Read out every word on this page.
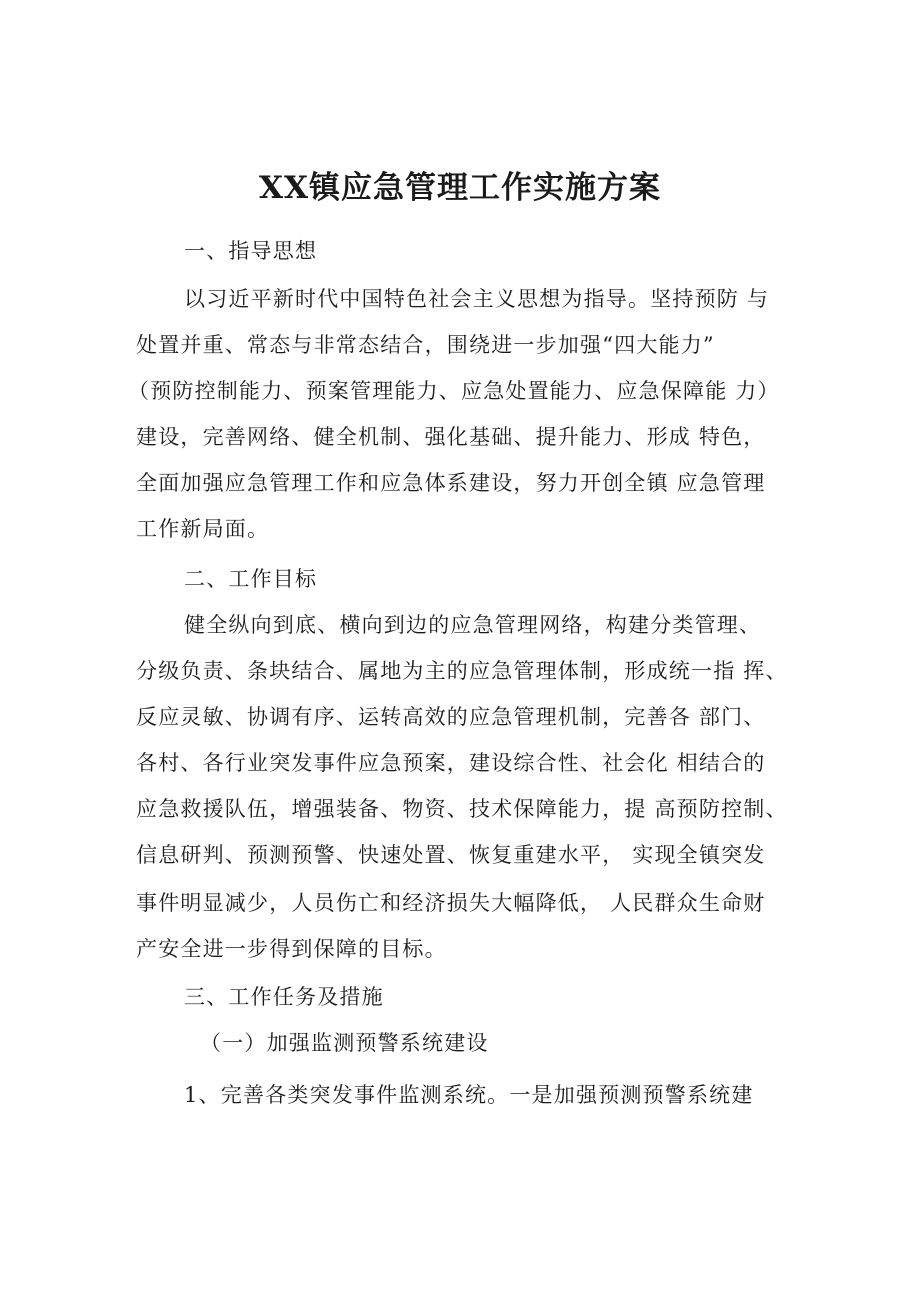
XX镇应急管理工作实施方案
一、指导思想
以习近平新时代中国特色社会主义思想为指导。坚持预防 与
处置并重、常态与非常态结合，围绕进一步加强“四大能力”
（预防控制能力、预案管理能力、应急处置能力、应急保障能 力）
建设，完善网络、健全机制、强化基础、提升能力、形成 特色，
全面加强应急管理工作和应急体系建设，努力开创全镇 应急管理
工作新局面。
二、工作目标
健全纵向到底、横向到边的应急管理网络，构建分类管理、
分级负责、条块结合、属地为主的应急管理体制，形成统一指 挥、
反应灵敏、协调有序、运转高效的应急管理机制，完善各 部门、
各村、各行业突发事件应急预案，建设综合性、社会化 相结合的
应急救援队伍，增强装备、物资、技术保障能力，提 高预防控制、
信息研判、预测预警、快速处置、恢复重建水平， 实现全镇突发
事件明显减少，人员伤亡和经济损失大幅降低， 人民群众生命财
产安全进一步得到保障的目标。
三、工作任务及措施
（一）加强监测预警系统建设
1、完善各类突发事件监测系统。一是加强预测预警系统建
